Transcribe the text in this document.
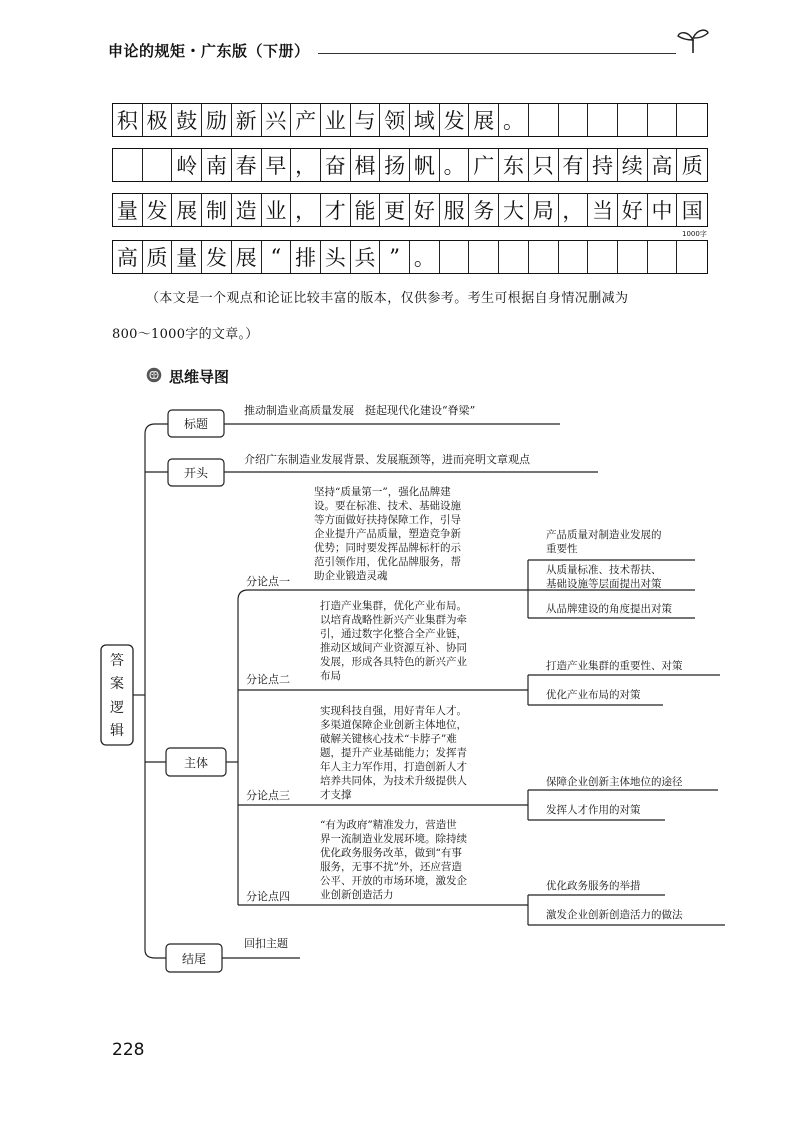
申论的规矩・广东版（下册）
积 极 鼓 励 新 兴 产 业 与 领 域 发 展 。
岭 南 春 早 ， 奋 楫 扬 帆 。 广 东 只 有 持 续 高 质
量 发 展 制 造 业 ， 才 能 更 好 服 务 大 局 ， 当 好 中 国
高 质 量 发 展 “ 排 头 兵 ” 。
1000字
（本文是一个观点和论证比较丰富的版本，仅供参考。考生可根据自身情况删减为
800～1000字的文章。）
思维导图
答
案
逻
辑
标题
推动制造业高质量发展　挺起现代化建设“脊梁”
开头
介绍广东制造业发展背景、发展瓶颈等，进而亮明文章观点
主体
结尾
回扣主题
分论点一
坚持“质量第一”，强化品牌建
设。要在标准、技术、基础设施
等方面做好扶持保障工作，引导
企业提升产品质量，塑造竞争新
优势；同时要发挥品牌标杆的示
范引领作用，优化品牌服务，帮
助企业锻造灵魂
产品质量对制造业发展的
重要性
从质量标准、技术帮扶、
基础设施等层面提出对策
从品牌建设的角度提出对策
分论点二
打造产业集群，优化产业布局。
以培育战略性新兴产业集群为牵
引，通过数字化整合全产业链，
推动区域间产业资源互补、协同
发展，形成各具特色的新兴产业
布局
打造产业集群的重要性、对策
优化产业布局的对策
分论点三
实现科技自强，用好青年人才。
多渠道保障企业创新主体地位，
破解关键核心技术“卡脖子”难
题，提升产业基础能力；发挥青
年人主力军作用，打造创新人才
培养共同体，为技术升级提供人
才支撑
保障企业创新主体地位的途径
发挥人才作用的对策
分论点四
“有为政府”精准发力，营造世
界一流制造业发展环境。除持续
优化政务服务改革，做到“有事
服务，无事不扰”外，还应营造
公平、开放的市场环境，激发企
业创新创造活力
优化政务服务的举措
激发企业创新创造活力的做法
228
